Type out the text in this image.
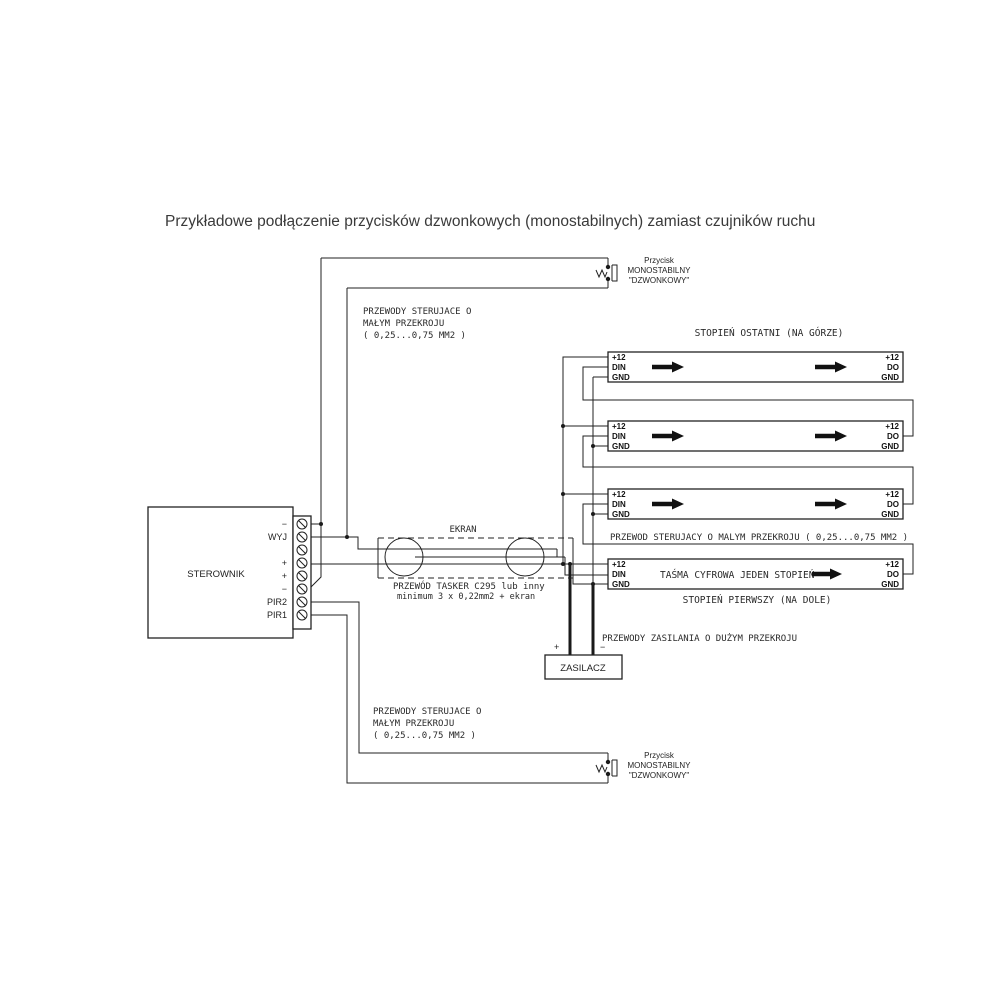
Przykładowe podłączenie przycisków dzwonkowych (monostabilnych) zamiast czujników ruchu
STEROWNIK
−
WYJ
+
+
−
PIR2
PIR1
Przycisk
MONOSTABILNY
"DZWONKOWY"
Przycisk
MONOSTABILNY
"DZWONKOWY"
+12
DIN
GND
+12
DO
GND
+12
DIN
GND
+12
DO
GND
+12
DIN
GND
+12
DO
GND
+12
DIN
GND
+12
DO
GND
TAŚMA CYFROWA JEDEN STOPIEŃ
ZASILACZ
+	−
STOPIEŃ OSTATNI (NA GÓRZE)
STOPIEŃ PIERWSZY (NA DOLE)
PRZEWODY STERUJACE O
MAŁYM PRZEKROJU
( 0,25...0,75 MM2 )
PRZEWODY STERUJACE O
MAŁYM PRZEKROJU
( 0,25...0,75 MM2 )
EKRAN
PRZEWÓD TASKER C295 lub inny
minimum 3 x 0,22mm2 + ekran
PRZEWOD STERUJACY O MALYM PRZEKROJU ( 0,25...0,75 MM2 )
PRZEWODY ZASILANIA O DUŻYM PRZEKROJU
